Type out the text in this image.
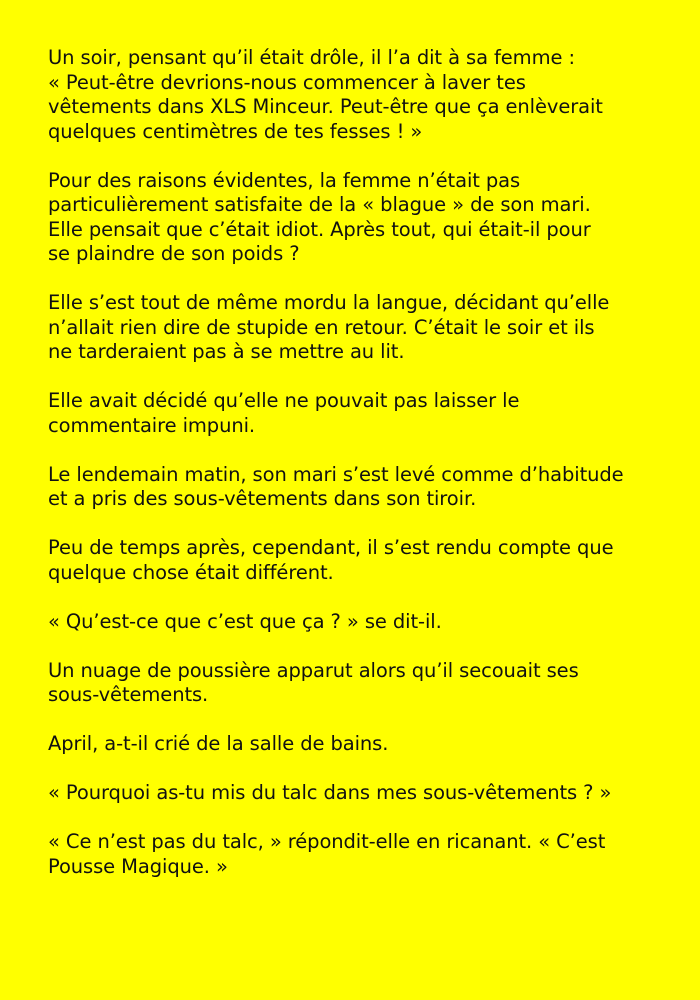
Un soir, pensant qu’il était drôle, il l’a dit à sa femme :
« Peut-être devrions-nous commencer à laver tes
vêtements dans XLS Minceur. Peut-être que ça enlèverait
quelques centimètres de tes fesses ! »
Pour des raisons évidentes, la femme n’était pas
particulièrement satisfaite de la « blague » de son mari.
Elle pensait que c’était idiot. Après tout, qui était-il pour
se plaindre de son poids ?
Elle s’est tout de même mordu la langue, décidant qu’elle
n’allait rien dire de stupide en retour. C’était le soir et ils
ne tarderaient pas à se mettre au lit.
Elle avait décidé qu’elle ne pouvait pas laisser le
commentaire impuni.
Le lendemain matin, son mari s’est levé comme d’habitude
et a pris des sous-vêtements dans son tiroir.
Peu de temps après, cependant, il s’est rendu compte que
quelque chose était différent.
« Qu’est-ce que c’est que ça ? » se dit-il.
Un nuage de poussière apparut alors qu’il secouait ses
sous-vêtements.
April, a-t-il crié de la salle de bains.
« Pourquoi as-tu mis du talc dans mes sous-vêtements ? »
« Ce n’est pas du talc, » répondit-elle en ricanant. « C’est
Pousse Magique. »
